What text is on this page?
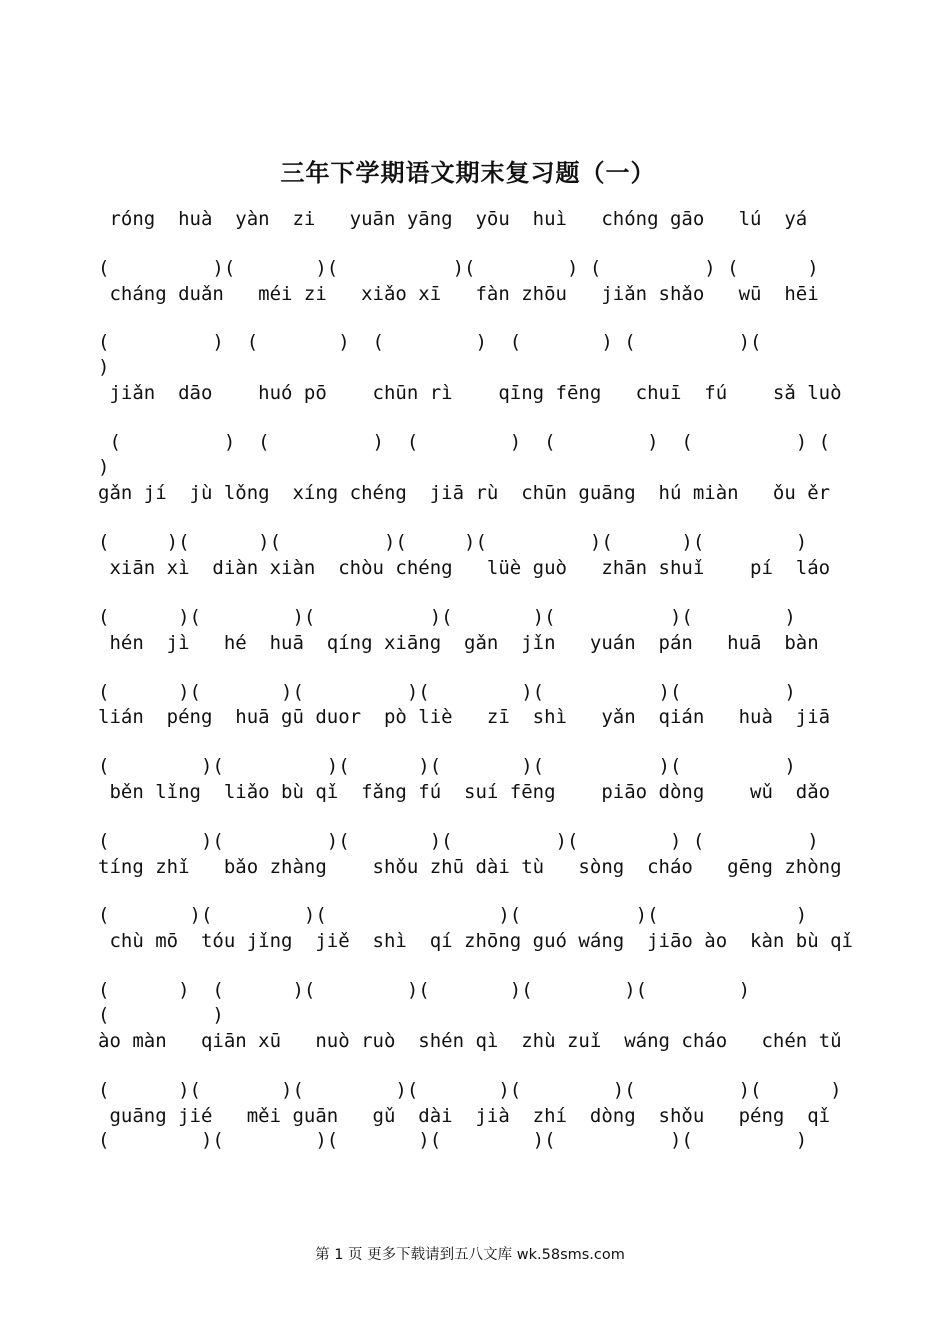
三年下学期语文期末复习题（一）
róng  huà  yàn  zi   yuān yāng  yōu  huì   chóng gāo   lú  yá
(         )(       )(          )(        ) (         ) (      )
cháng duǎn   méi zi   xiǎo xī   fàn zhōu   jiǎn shǎo   wū  hēi
(         )  (       )  (        )  (       ) (         )(
)
jiǎn  dāo    huó pō    chūn rì    qīng fēng   chuī  fú    sǎ luò
(         )  (         )  (        )  (        )  (         ) (
)
gǎn jí  jù lǒng  xíng chéng  jiā rù  chūn guāng  hú miàn   ǒu ěr
(     )(      )(         )(     )(         )(      )(        )
xiān xì  diàn xiàn  chòu chéng   lüè guò   zhān shuǐ    pí  láo
(      )(        )(          )(       )(          )(        )
hén  jì   hé  huā  qíng xiāng  gǎn  jǐn   yuán  pán   huā  bàn
(      )(       )(         )(        )(          )(         )
lián  péng  huā gū duor  pò liè   zī  shì   yǎn  qián   huà  jiā
(        )(         )(      )(       )(          )(         )
běn lǐng  liǎo bù qǐ  fǎng fú  suí fēng    piāo dòng    wǔ  dǎo
(        )(         )(       )(         )(        ) (         )
tíng zhǐ   bǎo zhàng    shǒu zhū dài tù   sòng  cháo   gēng zhòng
(       )(        )(               )(          )(            )
chù mō  tóu jǐng  jiě  shì  qí zhōng guó wáng  jiāo ào  kàn bù qǐ
(      )  (      )(        )(       )(        )(        )
(         )
ào màn   qiān xū   nuò ruò  shén qì  zhù zuǐ  wáng cháo   chén tǔ
(      )(       )(        )(       )(        )(         )(      )
guāng jié   měi guān   gǔ  dài  jià  zhí  dòng  shǒu   péng  qǐ
(        )(        )(       )(        )(          )(         )
第 1 页 更多下载请到五八文库 wk.58sms.com
